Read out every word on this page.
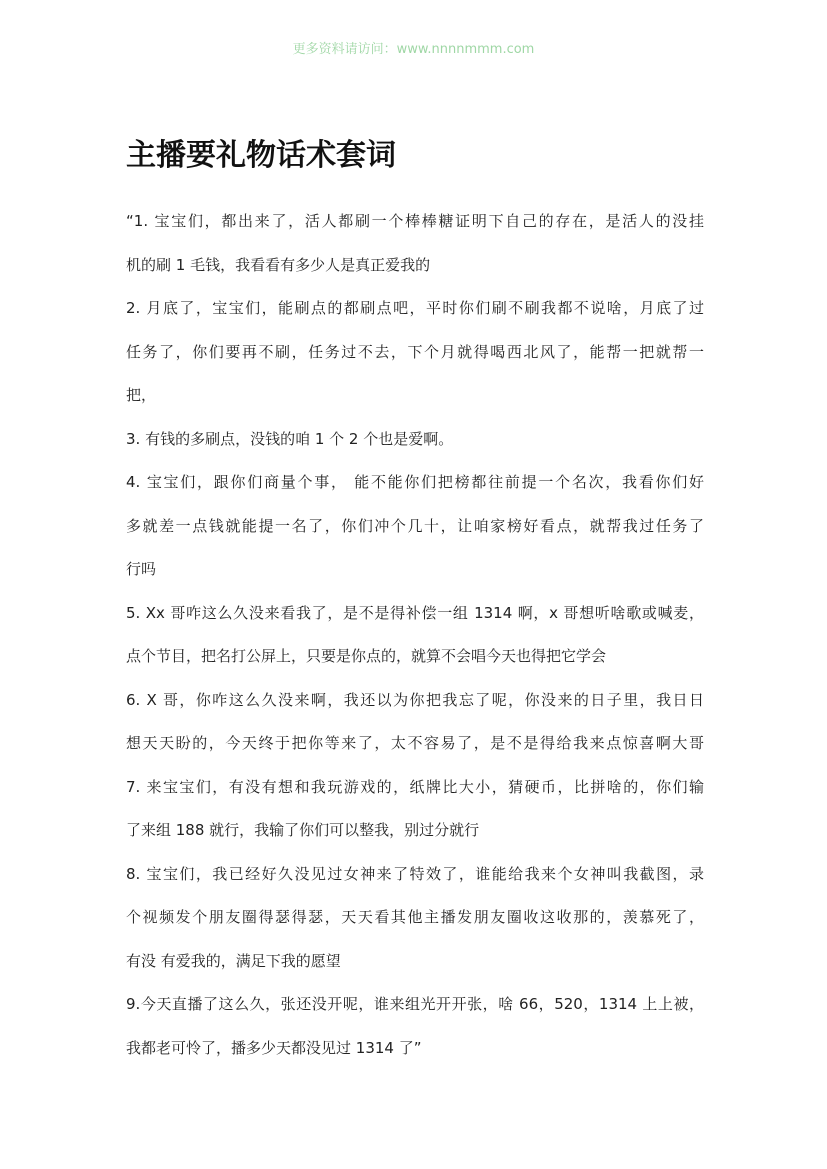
更多资料请访问：www.nnnnmmm.com
主播要礼物话术套词
“1. 宝宝们，都出来了，活人都刷一个棒棒糖证明下自己的存在，是活人的没挂
机的刷 1 毛钱，我看看有多少人是真正爱我的
2. 月底了，宝宝们，能刷点的都刷点吧，平时你们刷不刷我都不说啥，月底了过
任务了，你们要再不刷，任务过不去，下个月就得喝西北风了，能帮一把就帮一
把，
3. 有钱的多刷点，没钱的咱 1 个 2 个也是爱啊。
4. 宝宝们，跟你们商量个事， 能不能你们把榜都往前提一个名次，我看你们好
多就差一点钱就能提一名了，你们冲个几十，让咱家榜好看点，就帮我过任务了
行吗
5. Xx 哥咋这么久没来看我了，是不是得补偿一组 1314 啊，x 哥想听啥歌或喊麦，
点个节目，把名打公屏上，只要是你点的，就算不会唱今天也得把它学会
6. X 哥，你咋这么久没来啊，我还以为你把我忘了呢，你没来的日子里，我日日
想天天盼的，今天终于把你等来了，太不容易了，是不是得给我来点惊喜啊大哥
7. 来宝宝们，有没有想和我玩游戏的，纸牌比大小，猜硬币，比拼啥的，你们输
了来组 188 就行，我输了你们可以整我，别过分就行
8. 宝宝们，我已经好久没见过女神来了特效了，谁能给我来个女神叫我截图，录
个视频发个朋友圈得瑟得瑟，天天看其他主播发朋友圈收这收那的，羡慕死了，
有没 有爱我的，满足下我的愿望
9.今天直播了这么久，张还没开呢，谁来组光开开张，啥 66，520，1314 上上被，
我都老可怜了，播多少天都没见过 1314 了”
